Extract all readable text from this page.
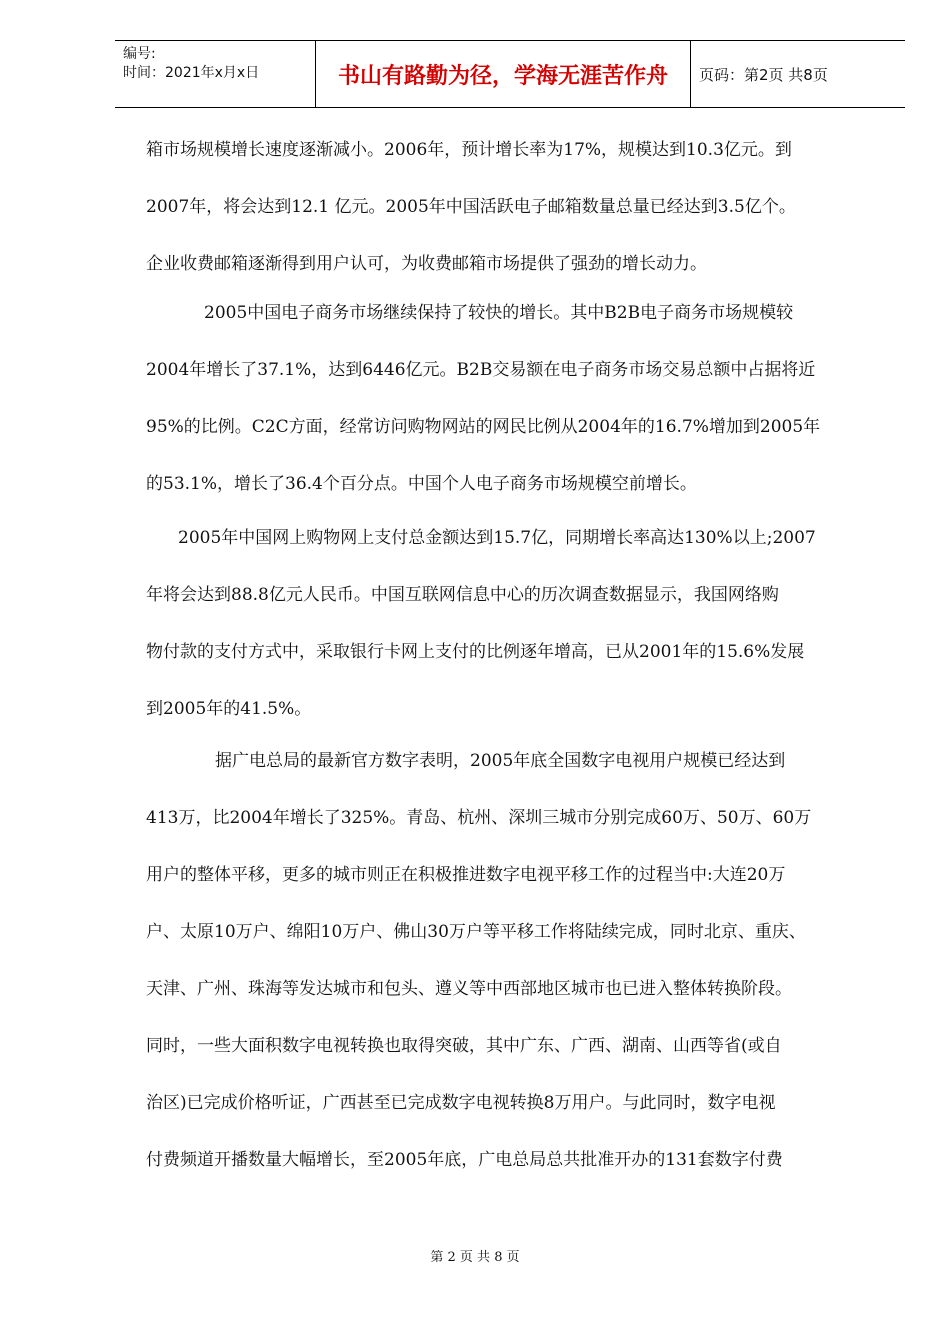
编号:
时间：2021年x月x日	书山有路勤为径，学海无涯苦作舟	页码：第2页 共8页
箱市场规模增长速度逐渐减小。2006年，预计增长率为17%，规模达到10.3亿元。到
2007年，将会达到12.1 亿元。2005年中国活跃电子邮箱数量总量已经达到3.5亿个。
企业收费邮箱逐渐得到用户认可，为收费邮箱市场提供了强劲的增长动力。
2005中国电子商务市场继续保持了较快的增长。其中B2B电子商务市场规模较
2004年增长了37.1%，达到6446亿元。B2B交易额在电子商务市场交易总额中占据将近
95%的比例。C2C方面，经常访问购物网站的网民比例从2004年的16.7%增加到2005年
的53.1%，增长了36.4个百分点。中国个人电子商务市场规模空前增长。
2005年中国网上购物网上支付总金额达到15.7亿，同期增长率高达130%以上;2007
年将会达到88.8亿元人民币。中国互联网信息中心的历次调查数据显示，我国网络购
物付款的支付方式中，采取银行卡网上支付的比例逐年增高，已从2001年的15.6%发展
到2005年的41.5%。
据广电总局的最新官方数字表明，2005年底全国数字电视用户规模已经达到
413万，比2004年增长了325%。青岛、杭州、深圳三城市分别完成60万、50万、60万
用户的整体平移，更多的城市则正在积极推进数字电视平移工作的过程当中:大连20万
户、太原10万户、绵阳10万户、佛山30万户等平移工作将陆续完成，同时北京、重庆、
天津、广州、珠海等发达城市和包头、遵义等中西部地区城市也已进入整体转换阶段。
同时，一些大面积数字电视转换也取得突破，其中广东、广西、湖南、山西等省(或自
治区)已完成价格听证，广西甚至已完成数字电视转换8万用户。与此同时，数字电视
付费频道开播数量大幅增长，至2005年底，广电总局总共批准开办的131套数字付费
第 2 页 共 8 页
